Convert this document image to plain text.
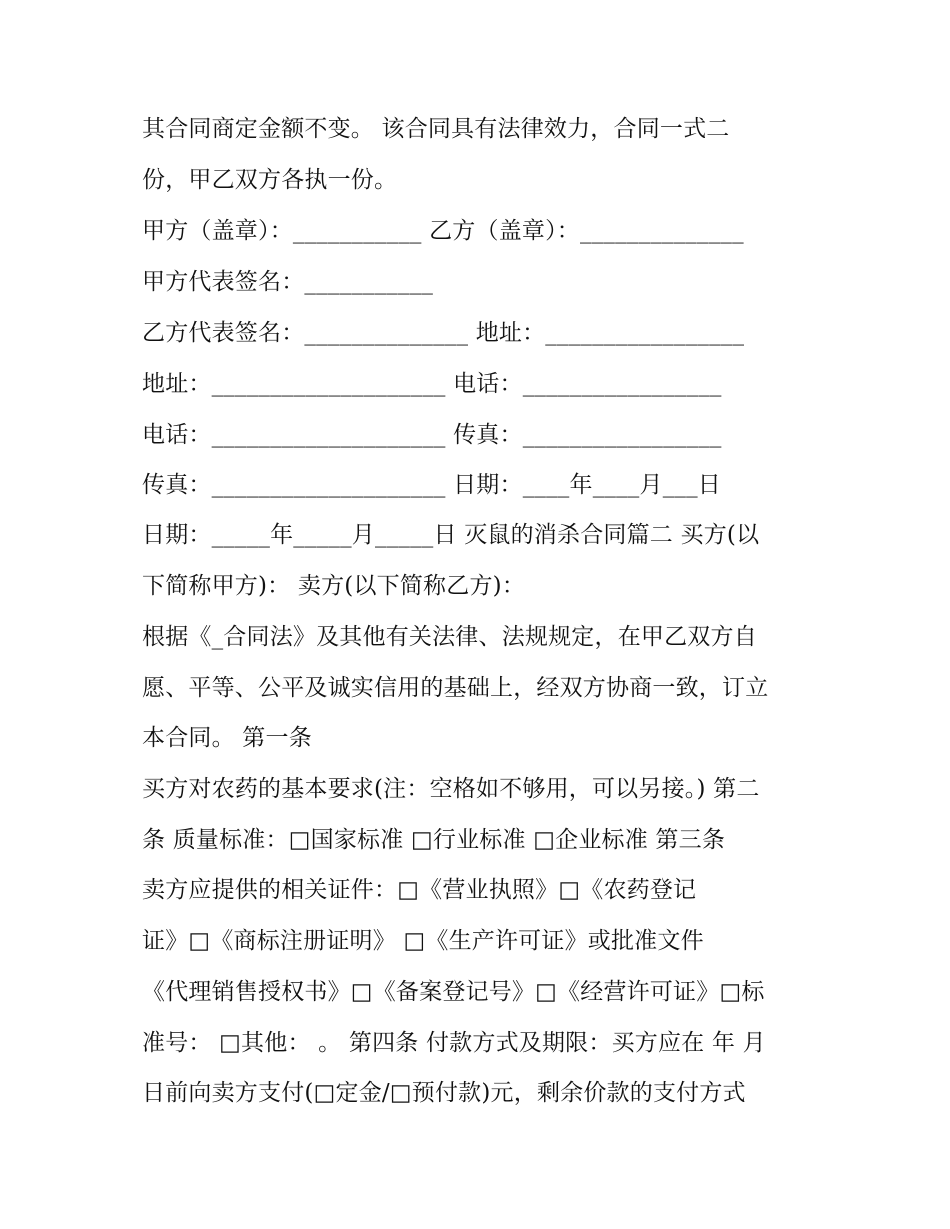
其合同商定金额不变。 该合同具有法律效力，合同一式二
份，甲乙双方各执一份。
甲方（盖章）：___________ 乙方（盖章）：______________
甲方代表签名：___________
乙方代表签名：______________ 地址：_________________
地址：____________________ 电话：_________________
电话：____________________ 传真：_________________
传真：____________________ 日期：____年____月___日
日期：_____年_____月_____日 灭鼠的消杀合同篇二 买方(以
下简称甲方)： 卖方(以下简称乙方)：
根据《_合同法》及其他有关法律、法规规定，在甲乙双方自
愿、平等、公平及诚实信用的基础上，经双方协商一致，订立
本合同。 第一条
买方对农药的基本要求(注：空格如不够用，可以另接。) 第二
条 质量标准：□国家标准 □行业标准 □企业标准 第三条
卖方应提供的相关证件：□《营业执照》□《农药登记
证》□《商标注册证明》 □《生产许可证》或批准文件
《代理销售授权书》□《备案登记号》□《经营许可证》□标
准号： □其他： 。 第四条 付款方式及期限：买方应在 年 月
日前向卖方支付(□定金/□预付款)元，剩余价款的支付方式
